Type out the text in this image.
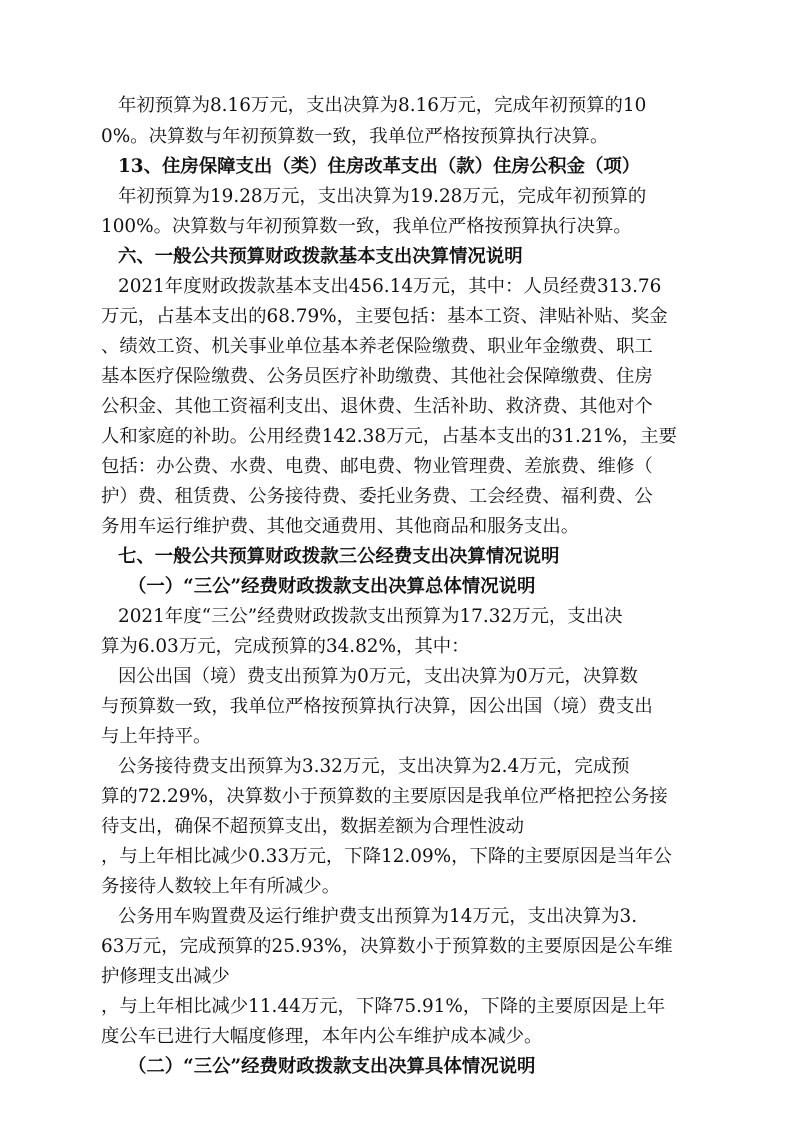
年初预算为8.16万元，支出决算为8.16万元，完成年初预算的10
0%。决算数与年初预算数一致，我单位严格按预算执行决算。
13、住房保障支出（类）住房改革支出（款）住房公积金（项）
年初预算为19.28万元，支出决算为19.28万元，完成年初预算的
100%。决算数与年初预算数一致，我单位严格按预算执行决算。
六、一般公共预算财政拨款基本支出决算情况说明
2021年度财政拨款基本支出456.14万元，其中：人员经费313.76
万元，占基本支出的68.79%，主要包括：基本工资、津贴补贴、奖金
、绩效工资、机关事业单位基本养老保险缴费、职业年金缴费、职工
基本医疗保险缴费、公务员医疗补助缴费、其他社会保障缴费、住房
公积金、其他工资福利支出、退休费、生活补助、救济费、其他对个
人和家庭的补助。公用经费142.38万元，占基本支出的31.21%，主要
包括：办公费、水费、电费、邮电费、物业管理费、差旅费、维修（
护）费、租赁费、公务接待费、委托业务费、工会经费、福利费、公
务用车运行维护费、其他交通费用、其他商品和服务支出。
七、一般公共预算财政拨款三公经费支出决算情况说明
（一）“三公”经费财政拨款支出决算总体情况说明
2021年度“三公”经费财政拨款支出预算为17.32万元，支出决
算为6.03万元，完成预算的34.82%，其中：
因公出国（境）费支出预算为0万元，支出决算为0万元，决算数
与预算数一致，我单位严格按预算执行决算，因公出国（境）费支出
与上年持平。
公务接待费支出预算为3.32万元，支出决算为2.4万元，完成预
算的72.29%，决算数小于预算数的主要原因是我单位严格把控公务接
待支出，确保不超预算支出，数据差额为合理性波动
，与上年相比减少0.33万元，下降12.09%，下降的主要原因是当年公
务接待人数较上年有所减少。
公务用车购置费及运行维护费支出预算为14万元，支出决算为3.
63万元，完成预算的25.93%，决算数小于预算数的主要原因是公车维
护修理支出减少
，与上年相比减少11.44万元，下降75.91%，下降的主要原因是上年
度公车已进行大幅度修理，本年内公车维护成本减少。
（二）“三公”经费财政拨款支出决算具体情况说明
